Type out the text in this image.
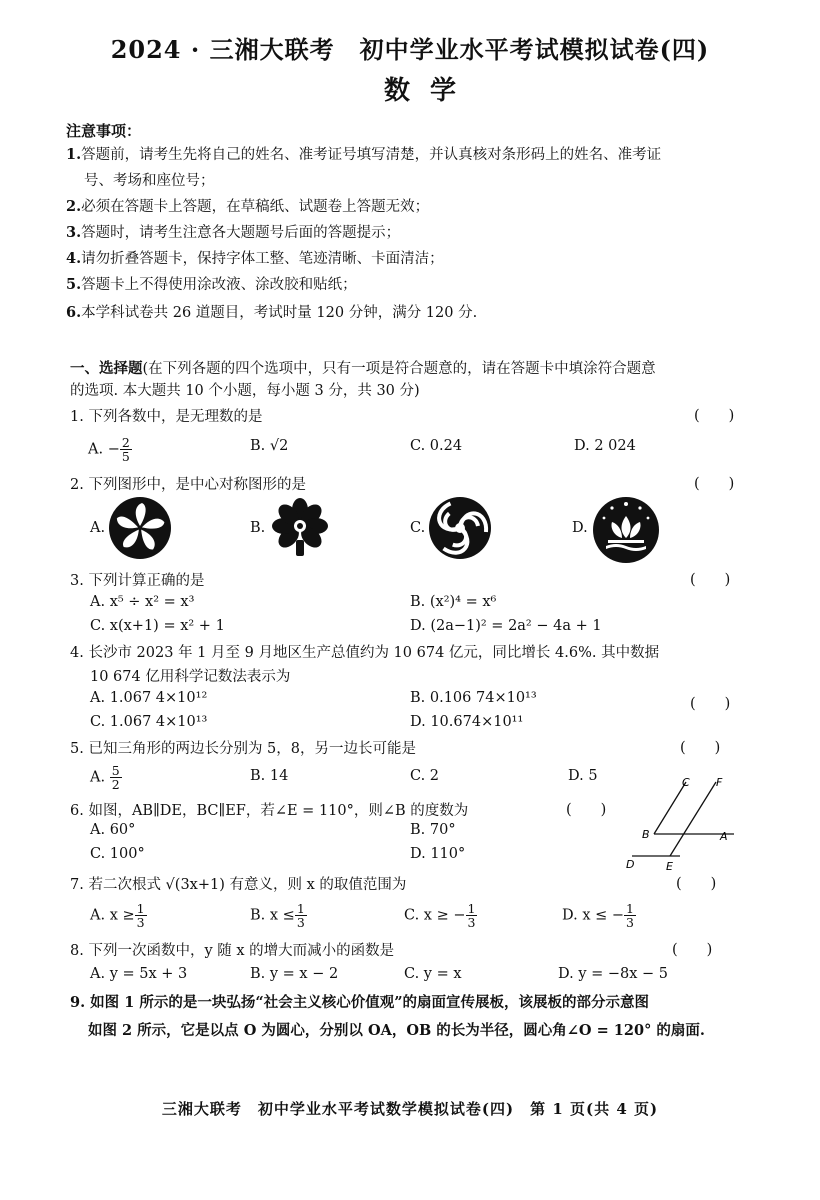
2024 · 三湘大联考　初中学业水平考试模拟试卷(四)
数学
注意事项：
1.答题前，请考生先将自己的姓名、准考证号填写清楚，并认真核对条形码上的姓名、准考证
号、考场和座位号；
2.必须在答题卡上答题，在草稿纸、试题卷上答题无效；
3.答题时，请考生注意各大题题号后面的答题提示；
4.请勿折叠答题卡，保持字体工整、笔迹清晰、卡面清洁；
5.答题卡上不得使用涂改液、涂改胶和贴纸；
6.本学科试卷共 26 道题目，考试时量 120 分钟，满分 120 分.
一、选择题(在下列各题的四个选项中，只有一项是符合题意的，请在答题卡中填涂符合题意
的选项. 本大题共 10 个小题，每小题 3 分，共 30 分)
1. 下列各数中，是无理数的是	(　　)
A. − $\frac{2}{5}$	B. √2	C. 0.24	D. 2 024
2. 下列图形中，是中心对称图形的是	(　　)
A.	B.	C.	D.
3. 下列计算正确的是	(　　)
A. x⁵ ÷ x² = x³	B. (x²)⁴ = x⁶
C. x(x+1) = x² + 1	D. (2a−1)² = 2a² − 4a + 1
4. 长沙市 2023 年 1 月至 9 月地区生产总值约为 10 674 亿元，同比增长 4.6%. 其中数据
10 674 亿用科学记数法表示为
(　　)
A. 1.067 4×10¹²	B. 0.106 74×10¹³
C. 1.067 4×10¹³	D. 10.674×10¹¹
5. 已知三角形的两边长分别为 5，8，另一边长可能是	(　　)
A. $\frac{5}{2}$	B. 14	C. 2	D. 5
6. 如图，AB∥DE，BC∥EF，若∠E = 110°，则∠B 的度数为	(　　)
A. 60°	B. 70°
C. 100°	D. 110°
C F
B	A
D	E
7. 若二次根式 √(3x+1) 有意义，则 x 的取值范围为	(　　)
A. $x \ge \frac{1}{3}$	B. $x \le \frac{1}{3}$	C. x ≥ − $\frac{1}{3}$	D. x ≤ − $\frac{1}{3}$
8. 下列一次函数中，y 随 x 的增大而减小的函数是	(　　)
A. y = 5x + 3	B. y = x − 2	C. y = x	D. y = −8x − 5
9. 如图 1 所示的是一块弘扬“社会主义核心价值观”的扇面宣传展板，该展板的部分示意图
如图 2 所示，它是以点 O 为圆心，分别以 OA，OB 的长为半径，圆心角∠O = 120° 的扇面.
三湘大联考　初中学业水平考试数学模拟试卷(四)　第 1 页(共 4 页)
